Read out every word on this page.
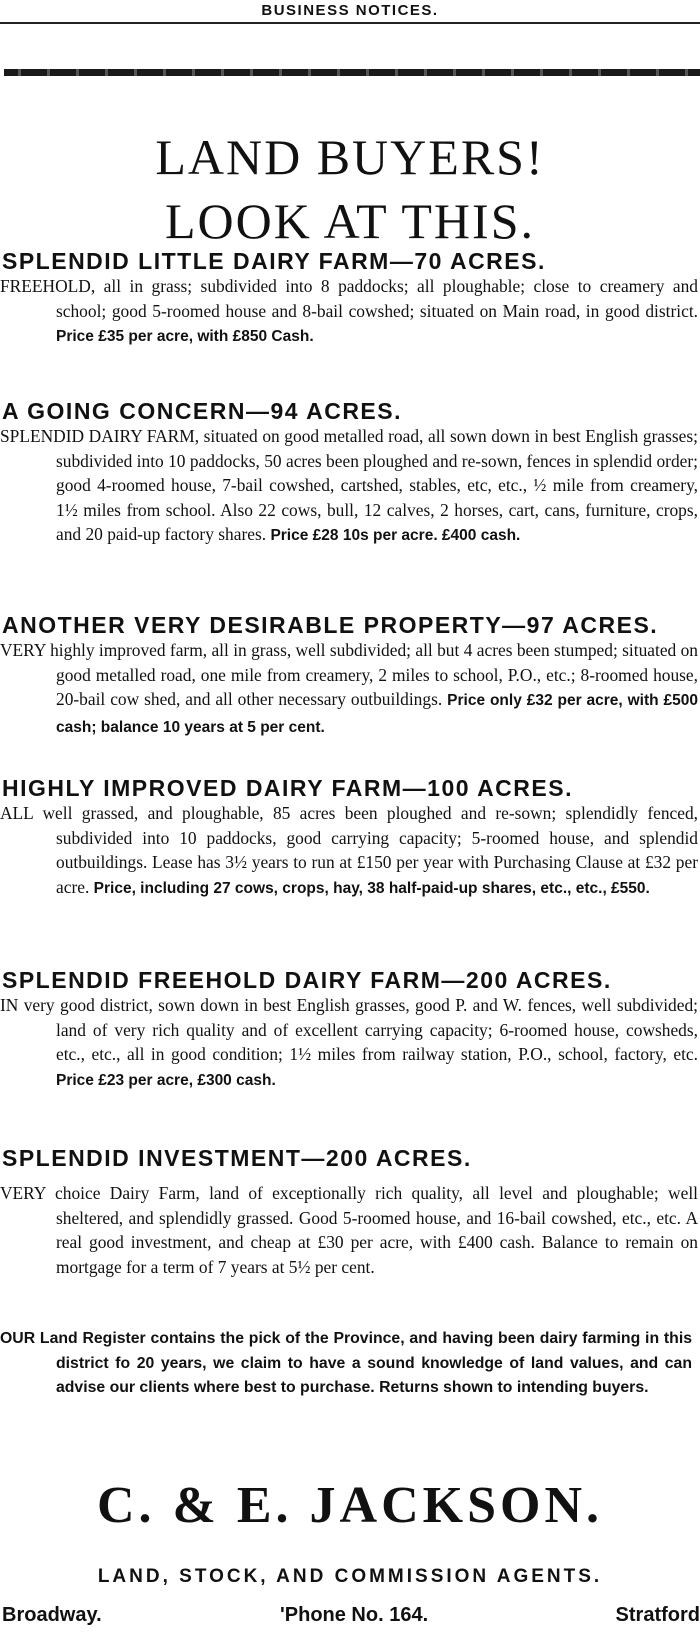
BUSINESS NOTICES.
LAND BUYERS!
LOOK AT THIS.
SPLENDID LITTLE DAIRY FARM—70 ACRES.

FREEHOLD, all in grass; subdivided into 8 paddocks; all ploughable; close to creamery and school; good 5-roomed house and 8-bail cowshed; situated on Main road, in good district. Price £35 per acre, with £850 Cash.

A GOING CONCERN—94 ACRES.

SPLENDID DAIRY FARM, situated on good metalled road, all sown down in best English grasses; subdivided into 10 paddocks, 50 acres been ploughed and re-sown, fences in splendid order; good 4-roomed house, 7-bail cowshed, cartshed, stables, etc, etc., ½ mile from creamery, 1½ miles from school. Also 22 cows, bull, 12 calves, 2 horses, cart, cans, furniture, crops, and 20 paid-up factory shares. Price £28 10s per acre. £400 cash.

ANOTHER VERY DESIRABLE PROPERTY—97 ACRES.

VERY highly improved farm, all in grass, well subdivided; all but 4 acres been stumped; situated on good metalled road, one mile from creamery, 2 miles to school, P.O., etc.; 8-roomed house, 20-bail cow shed, and all other necessary outbuildings. Price only £32 per acre, with £500 cash; balance 10 years at 5 per cent.

HIGHLY IMPROVED DAIRY FARM—100 ACRES.

ALL well grassed, and ploughable, 85 acres been ploughed and re-sown; splendidly fenced, subdivided into 10 paddocks, good carrying capacity; 5-roomed house, and splendid outbuildings. Lease has 3½ years to run at £150 per year with Purchasing Clause at £32 per acre. Price, including 27 cows, crops, hay, 38 half-paid-up shares, etc., etc., £550.

SPLENDID FREEHOLD DAIRY FARM—200 ACRES.

IN very good district, sown down in best English grasses, good P. and W. fences, well subdivided; land of very rich quality and of excellent carrying capacity; 6-roomed house, cowsheds, etc., etc., all in good condition; 1½ miles from railway station, P.O., school, factory, etc. Price £23 per acre, £300 cash.

SPLENDID INVESTMENT—200 ACRES.

VERY choice Dairy Farm, land of exceptionally rich quality, all level and ploughable; well sheltered, and splendidly grassed. Good 5-roomed house, and 16-bail cowshed, etc., etc. A real good investment, and cheap at £30 per acre, with £400 cash. Balance to remain on mortgage for a term of 7 years at 5½ per cent.

OUR Land Register contains the pick of the Province, and having been dairy farming in this district fo 20 years, we claim to have a sound knowledge of land values, and can advise our clients where best to purchase. Returns shown to intending buyers.

C. & E. JACKSON.
LAND, STOCK, AND COMMISSION AGENTS.
Broadway.	'Phone No. 164.	Stratford
